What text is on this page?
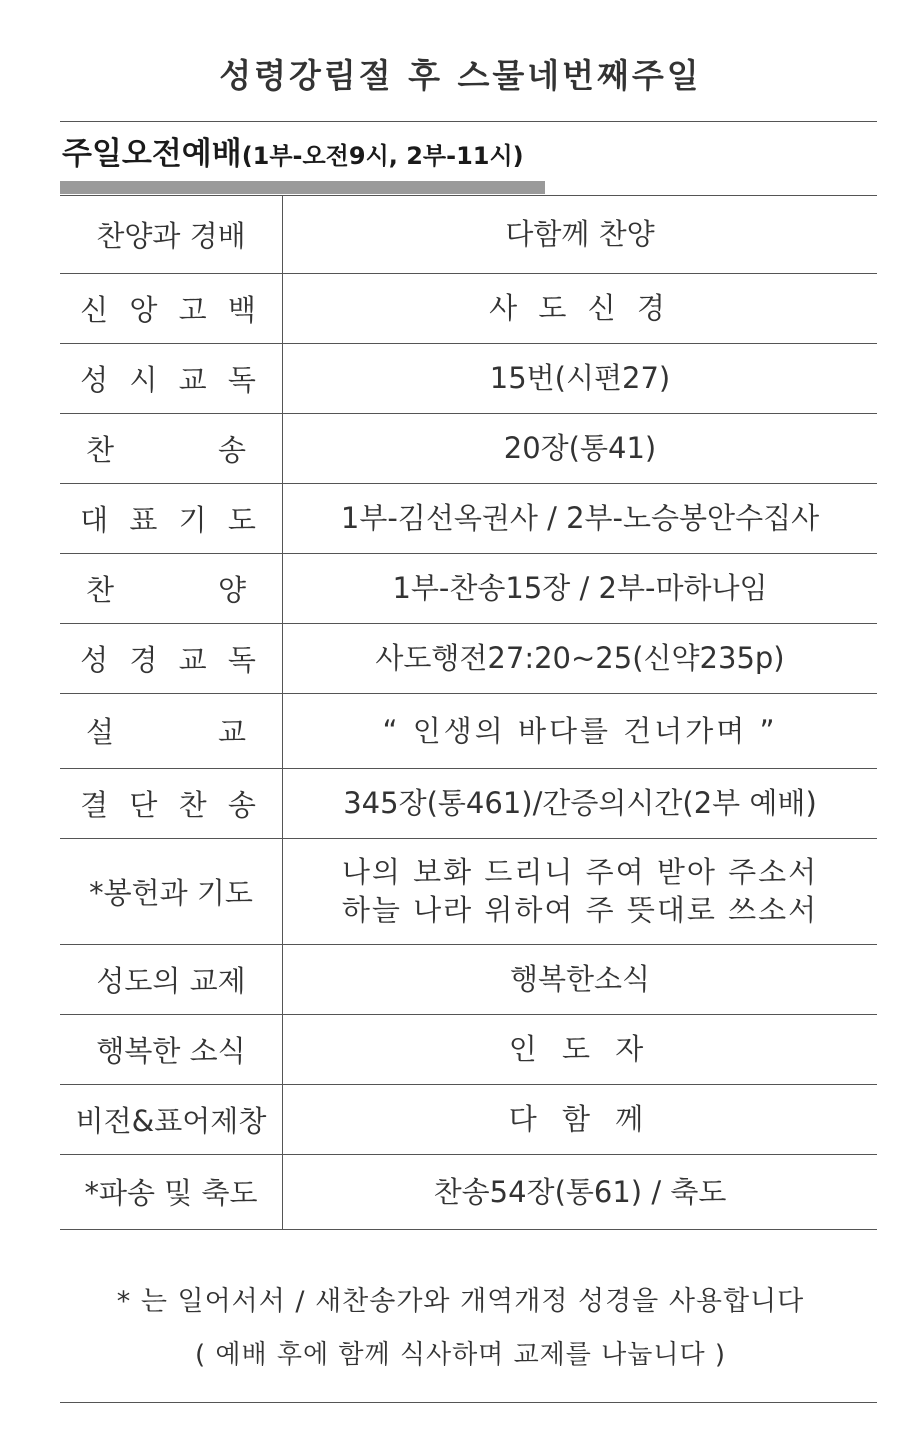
성령강림절 후 스물네번째주일
주일오전예배(1부-오전9시, 2부-11시)
찬양과 경배	다함께 찬양
신 앙 고 백	사 도 신 경
성 시 교 독	15번(시편27)

찬 송	20장(통41)
대 표 기 도	1부-김선옥권사 / 2부-노승봉안수집사

찬 양	1부-찬송15장 / 2부-마하나임
성 경 교 독	사도행전27:20~25(신약235p)

설 교	“ 인생의 바다를 건너가며 ”
결 단 찬 송	345장(통461)/간증의시간(2부 예배)
*봉헌과 기도	나의 보화 드리니 주여 받아 주소서
하늘 나라 위하여 주 뜻대로 쓰소서

성도의 교제	행복한소식
행복한 소식	인 도 자
비전&표어제창	다 함 께
*파송 및 축도	찬송54장(통61) / 축도
* 는 일어서서 / 새찬송가와 개역개정 성경을 사용합니다
( 예배 후에 함께 식사하며 교제를 나눕니다 )
